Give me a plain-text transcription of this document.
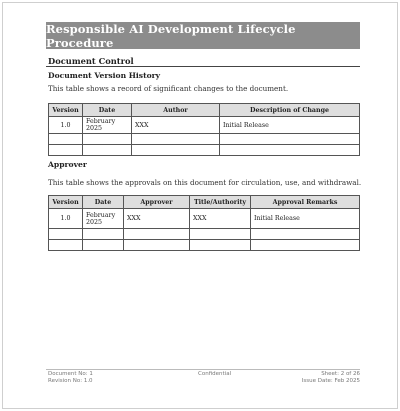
Responsible AI Development Lifecycle Procedure
Document Control
Document Version History
This table shows a record of significant changes to the document.
Version	Date	Author	Description of Change
1.0	February 2025	XXX	Initial Release

Approver
This table shows the approvals on this document for circulation, use, and withdrawal.
Version	Date	Approver	Title/Authority	Approval Remarks
1.0	February 2025	XXX	XXX	Initial Release

Document No: 1
Revision No: 1.0
Confidential	Sheet: 2 of 26
Issue Date: Feb 2025
